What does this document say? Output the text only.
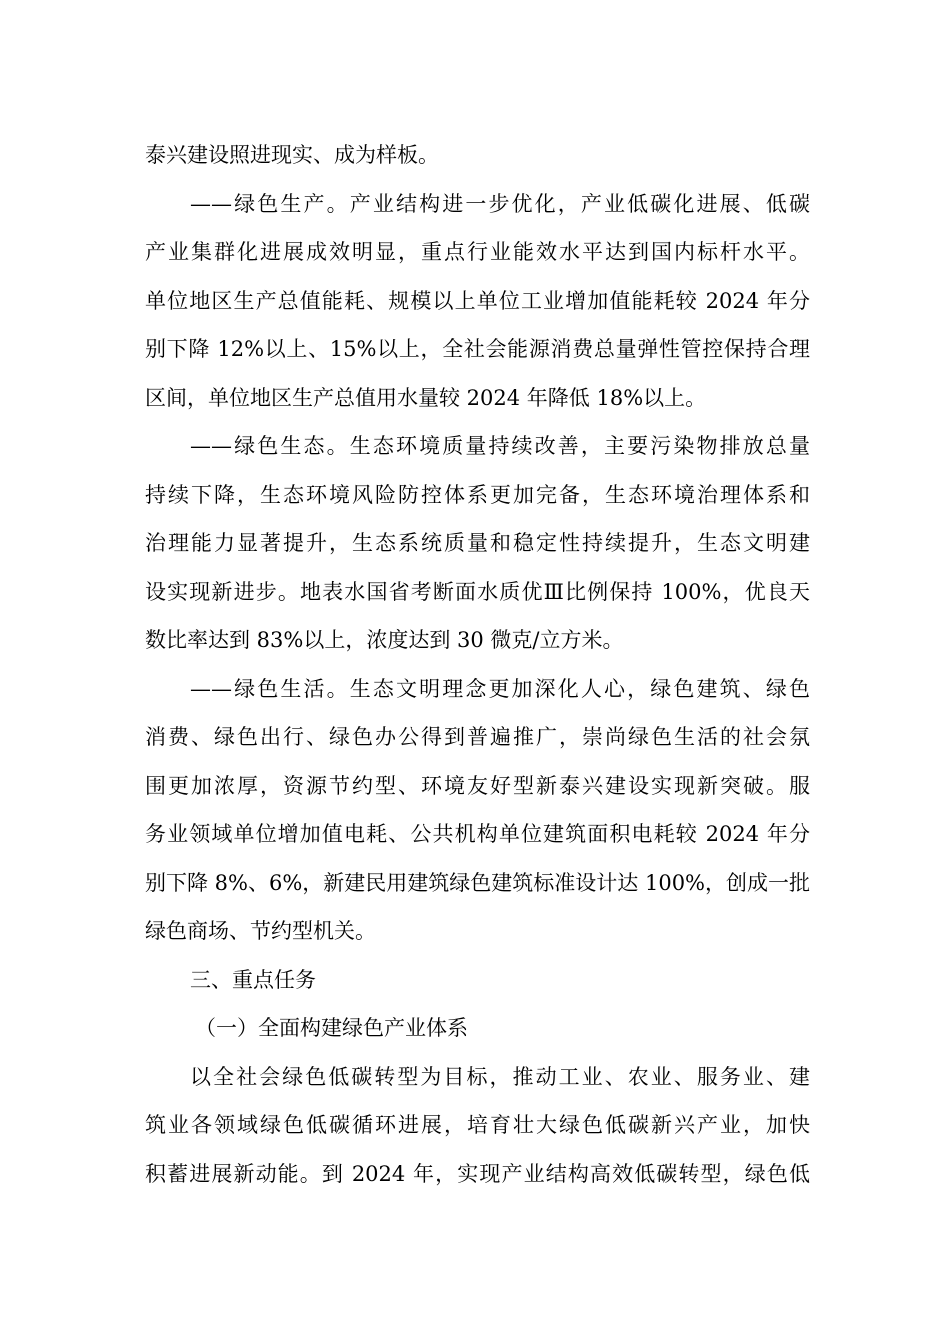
泰兴建设照进现实、成为样板。
——绿色生产。产业结构进一步优化，产业低碳化进展、低碳
产业集群化进展成效明显，重点行业能效水平达到国内标杆水平。
单位地区生产总值能耗、规模以上单位工业增加值能耗较 2024 年分
别下降 12%以上、15%以上，全社会能源消费总量弹性管控保持合理
区间，单位地区生产总值用水量较 2024 年降低 18%以上。
——绿色生态。生态环境质量持续改善，主要污染物排放总量
持续下降，生态环境风险防控体系更加完备，生态环境治理体系和
治理能力显著提升，生态系统质量和稳定性持续提升，生态文明建
设实现新进步。地表水国省考断面水质优Ⅲ比例保持 100%，优良天
数比率达到 83%以上，浓度达到 30 微克/立方米。
——绿色生活。生态文明理念更加深化人心，绿色建筑、绿色
消费、绿色出行、绿色办公得到普遍推广，崇尚绿色生活的社会氛
围更加浓厚，资源节约型、环境友好型新泰兴建设实现新突破。服
务业领域单位增加值电耗、公共机构单位建筑面积电耗较 2024 年分
别下降 8%、6%，新建民用建筑绿色建筑标准设计达 100%，创成一批
绿色商场、节约型机关。
三、重点任务
（一）全面构建绿色产业体系
以全社会绿色低碳转型为目标，推动工业、农业、服务业、建
筑业各领域绿色低碳循环进展，培育壮大绿色低碳新兴产业，加快
积蓄进展新动能。到 2024 年，实现产业结构高效低碳转型，绿色低
